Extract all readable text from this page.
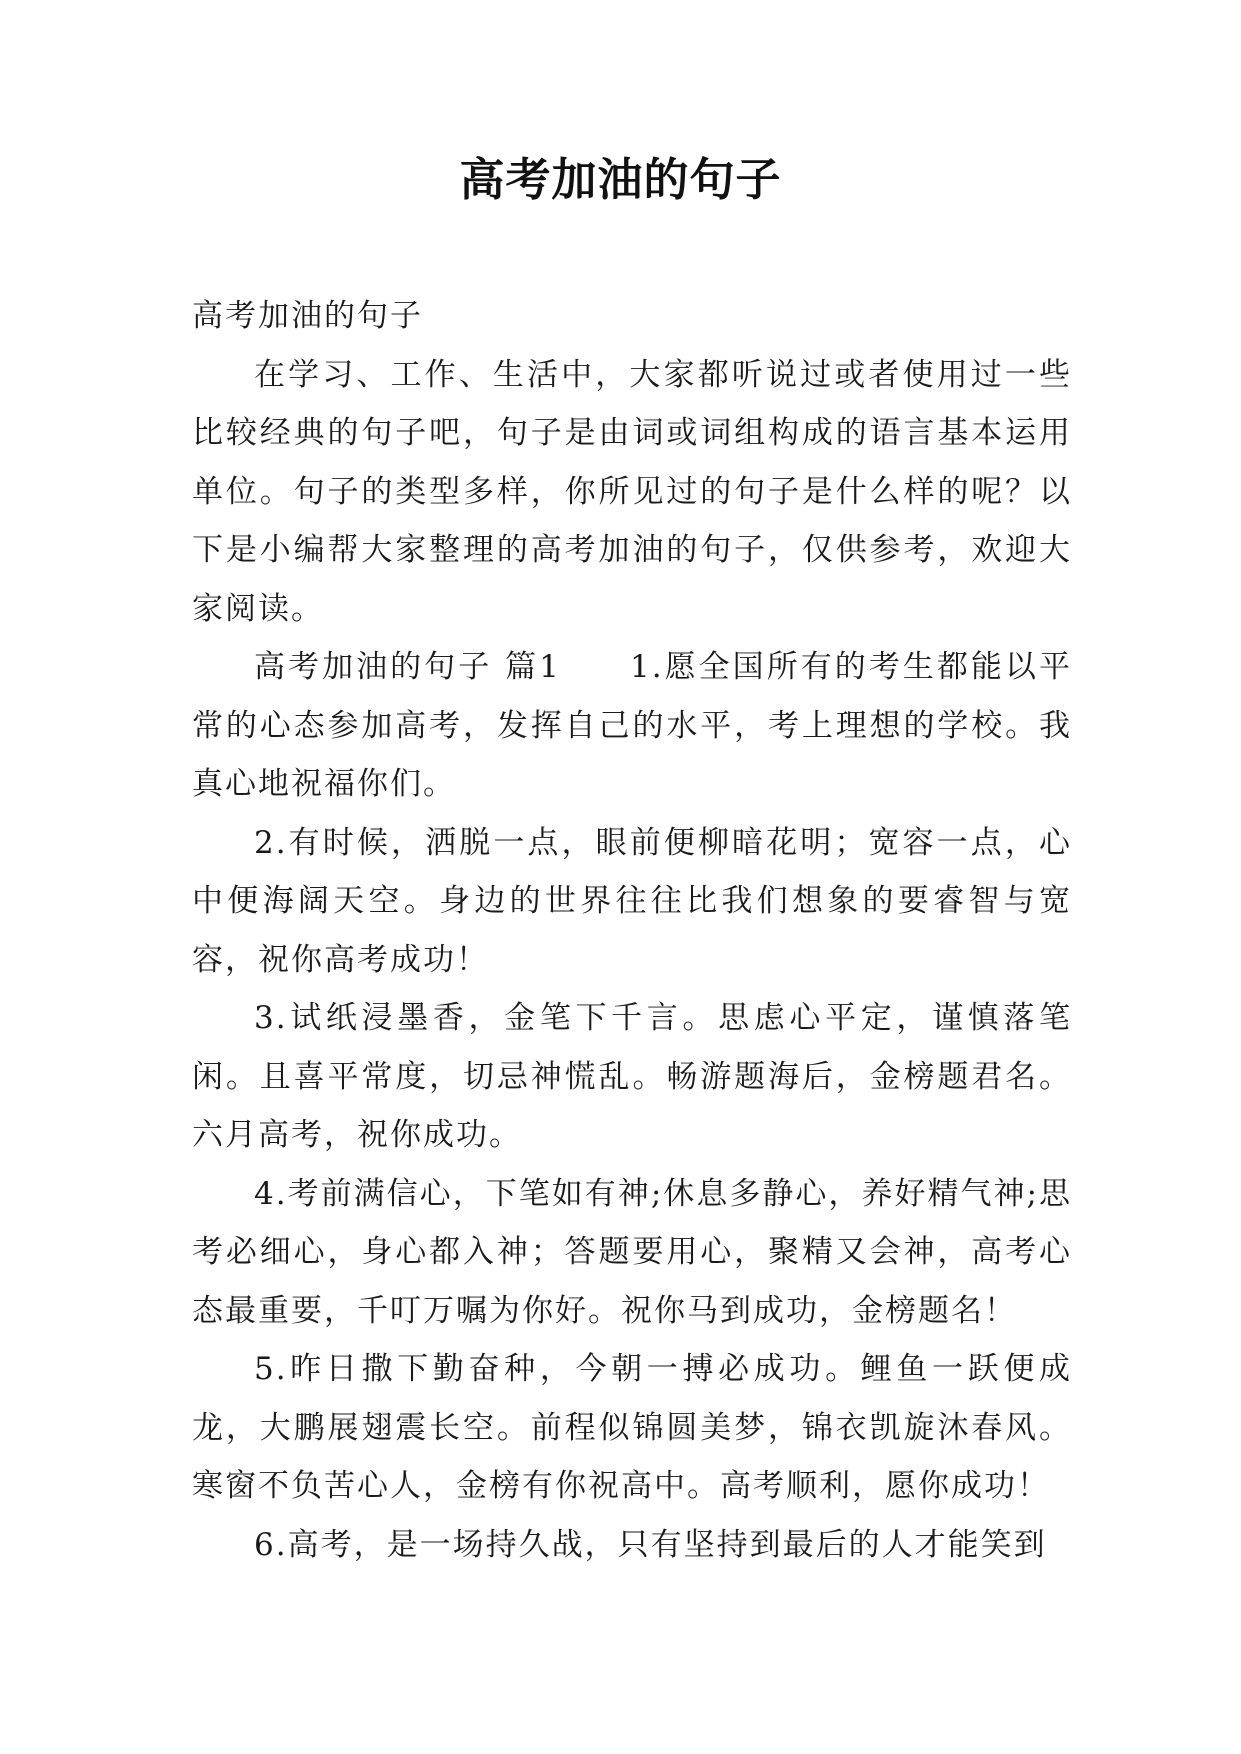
高考加油的句子

高考加油的句子

在学习、工作、生活中，大家都听说过或者使用过一些比较经典的句子吧，句子是由词或词组构成的语言基本运用单位。句子的类型多样，你所见过的句子是什么样的呢？以下是小编帮大家整理的高考加油的句子，仅供参考，欢迎大家阅读。

高考加油的句子 篇1　　1.愿全国所有的考生都能以平常的心态参加高考，发挥自己的水平，考上理想的学校。我真心地祝福你们。

2.有时候，洒脱一点，眼前便柳暗花明；宽容一点，心中便海阔天空。身边的世界往往比我们想象的要睿智与宽容，祝你高考成功！

3.试纸浸墨香，金笔下千言。思虑心平定，谨慎落笔闲。且喜平常度，切忌神慌乱。畅游题海后，金榜题君名。六月高考，祝你成功。

4.考前满信心，下笔如有神;休息多静心，养好精气神;思考必细心，身心都入神；答题要用心，聚精又会神，高考心态最重要，千叮万嘱为你好。祝你马到成功，金榜题名！

5.昨日撒下勤奋种，今朝一搏必成功。鲤鱼一跃便成龙，大鹏展翅震长空。前程似锦圆美梦，锦衣凯旋沐春风。寒窗不负苦心人，金榜有你祝高中。高考顺利，愿你成功！

6.高考，是一场持久战，只有坚持到最后的人才能笑到
